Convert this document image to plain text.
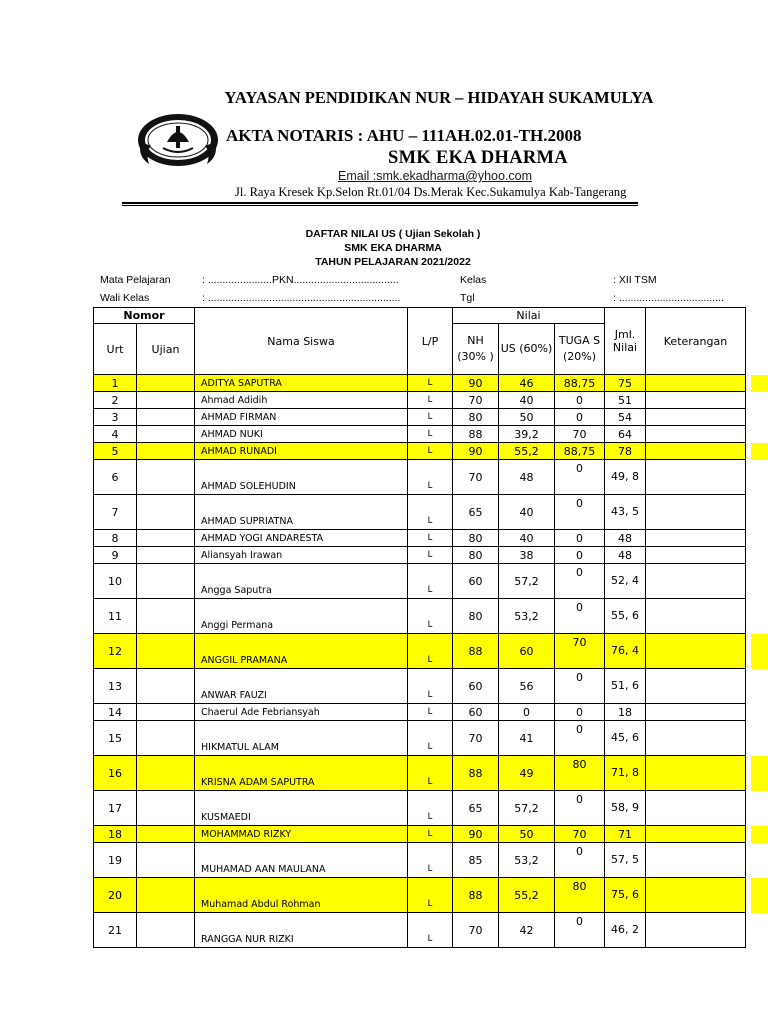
YAYASAN PENDIDIKAN NUR – HIDAYAH SUKAMULYA
AKTA NOTARIS : AHU – 111AH.02.01-TH.2008
SMK EKA DHARMA
Email :smk.ekadharma@yhoo.com
Jl. Raya Kresek Kp.Selon Rt.01/04 Ds.Merak Kec.Sukamulya Kab-Tangerang
DAFTAR NILAI US ( Ujian Sekolah )
SMK EKA DHARMA
TAHUN PELAJARAN 2021/2022
Mata Pelajaran	: ......................PKN....................................	Kelas	: XII TSM
Wali Kelas	: ..................................................................	Tgl	: ....................................
Nomor		Nama Siswa	L/P	Nilai			Jml. Nilai	Keterangan
Urt	Ujian			NH (30% )	US (60%)	TUGA S (20%)		
1		ADITYA SAPUTRA	L	90	46	88,75	75	
2		Ahmad Adidih	L	70	40	0	51	
3		AHMAD FIRMAN	L	80	50	0	54	
4		AHMAD NUKI	L	88	39,2	70	64	
5		AHMAD RUNADI	L	90	55,2	88,75	78	
6		AHMAD SOLEHUDIN	L	70	48	0	49, 8	
7		AHMAD SUPRIATNA	L	65	40	0	43, 5	
8		AHMAD YOGI ANDARESTA	L	80	40	0	48	
9		Aliansyah Irawan	L	80	38	0	48	
10		Angga Saputra	L	60	57,2	0	52, 4	
11		Anggi Permana	L	80	53,2	0	55, 6	
12		ANGGIL PRAMANA	L	88	60	70	76, 4	
13		ANWAR FAUZI	L	60	56	0	51, 6	
14		Chaerul Ade Febriansyah	L	60	0	0	18	
15		HIKMATUL ALAM	L	70	41	0	45, 6	
16		KRISNA ADAM SAPUTRA	L	88	49	80	71, 8	
17		KUSMAEDI	L	65	57,2	0	58, 9	
18		MOHAMMAD RIZKY	L	90	50	70	71	
19		MUHAMAD AAN MAULANA	L	85	53,2	0	57, 5	
20		Muhamad Abdul Rohman	L	88	55,2	80	75, 6	
21		RANGGA NUR RIZKI	L	70	42	0	46, 2	
